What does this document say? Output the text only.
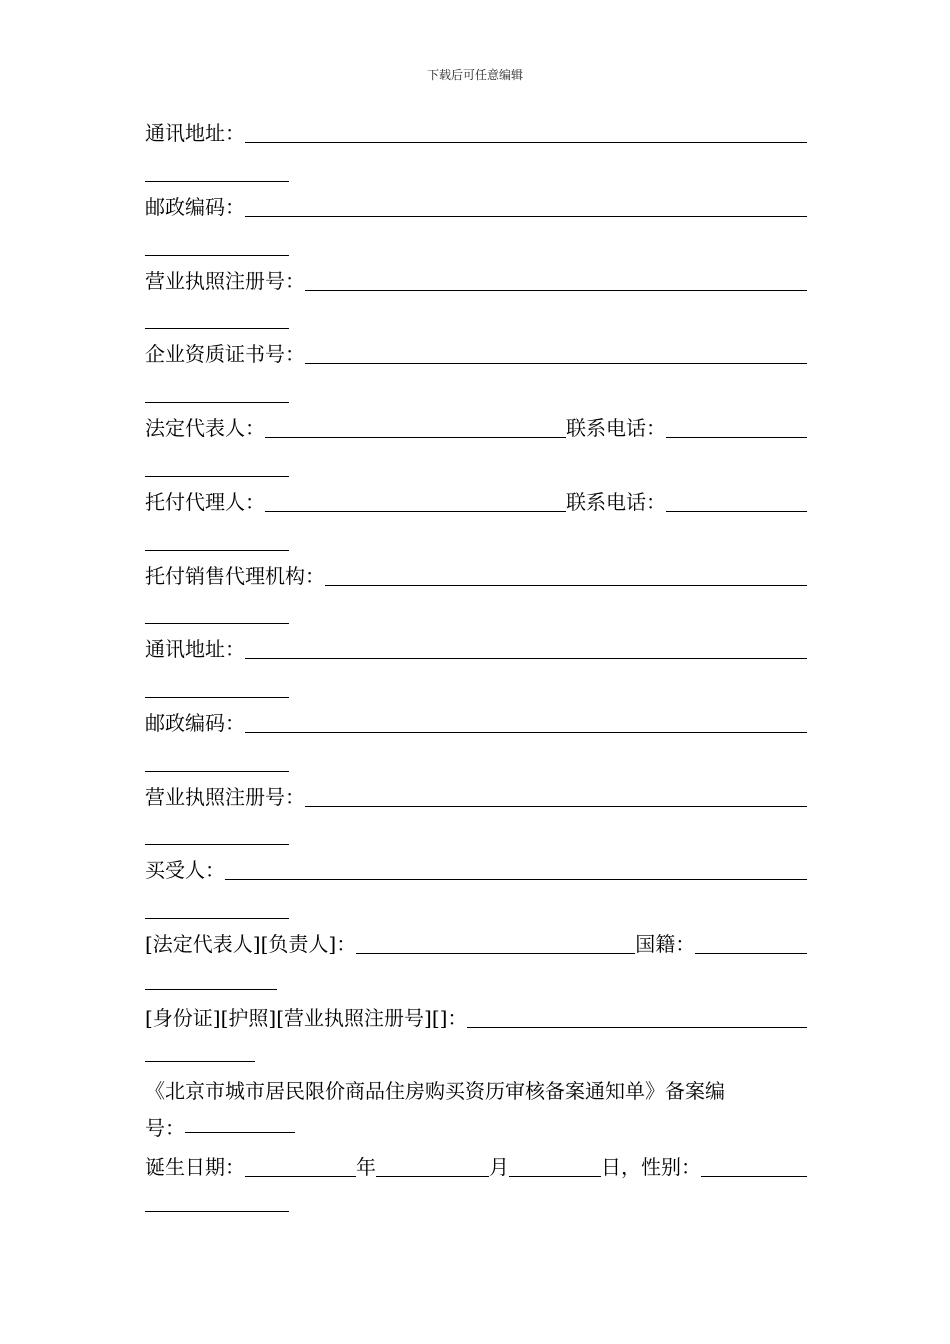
下载后可任意编辑
通讯地址：
邮政编码：
营业执照注册号：
企业资质证书号：
法定代表人：	联系电话：
托付代理人：	联系电话：
托付销售代理机构：
通讯地址：
邮政编码：
营业执照注册号：
买受人：
[法定代表人][负责人]：	国籍：
[身份证][护照][营业执照注册号][]：
《北京市城市居民限价商品住房购买资历审核备案通知单》备案编
号：
诞生日期：	年	月	日，性别：
